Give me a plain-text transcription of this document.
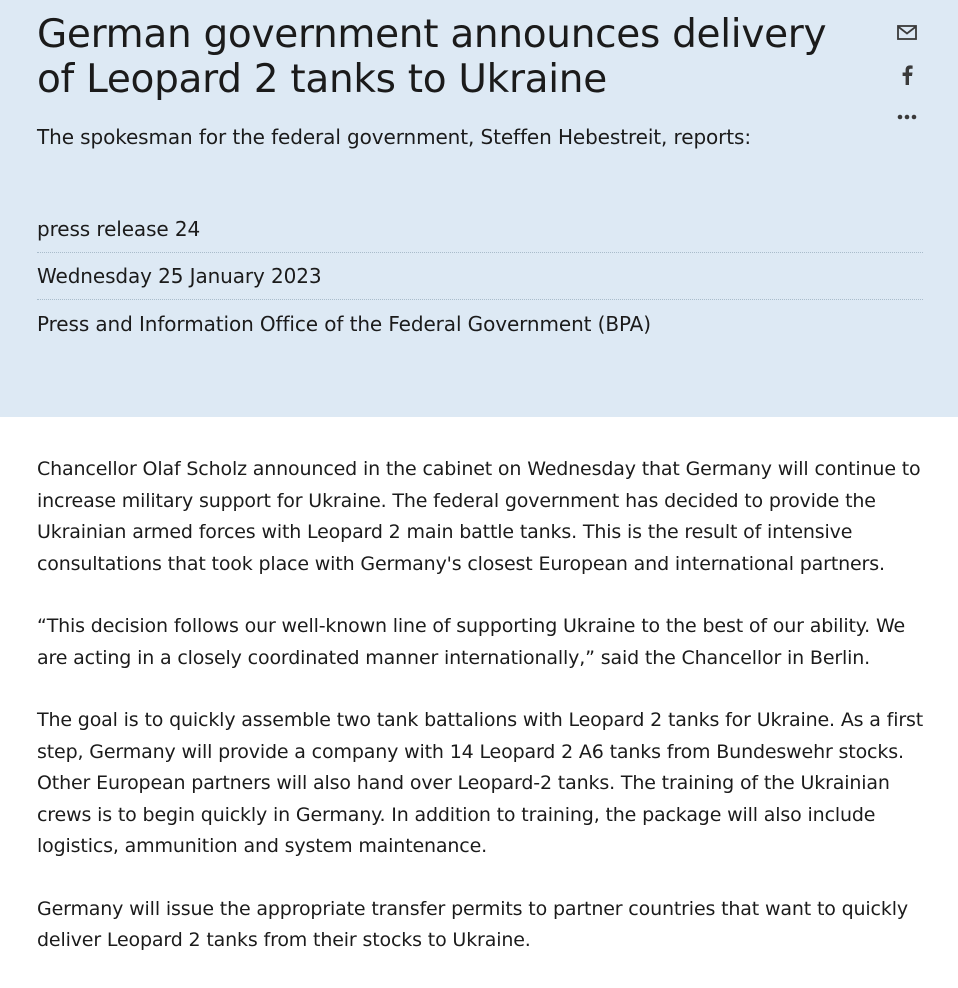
German government announces delivery of Leopard 2 tanks to Ukraine

The spokesman for the federal government, Steffen Hebestreit, reports:

press release 24
Wednesday 25 January 2023
Press and Information Office of the Federal Government (BPA)

Chancellor Olaf Scholz announced in the cabinet on Wednesday that Germany will continue to increase military support for Ukraine. The federal government has decided to provide the Ukrainian armed forces with Leopard 2 main battle tanks. This is the result of intensive consultations that took place with Germany's closest European and international partners.

“This decision follows our well-known line of supporting Ukraine to the best of our ability. We are acting in a closely coordinated manner internationally,” said the Chancellor in Berlin.

The goal is to quickly assemble two tank battalions with Leopard 2 tanks for Ukraine. As a first step, Germany will provide a company with 14 Leopard 2 A6 tanks from Bundeswehr stocks. Other European partners will also hand over Leopard-2 tanks. The training of the Ukrainian crews is to begin quickly in Germany. In addition to training, the package will also include logistics, ammunition and system maintenance.

Germany will issue the appropriate transfer permits to partner countries that want to quickly deliver Leopard 2 tanks from their stocks to Ukraine.
